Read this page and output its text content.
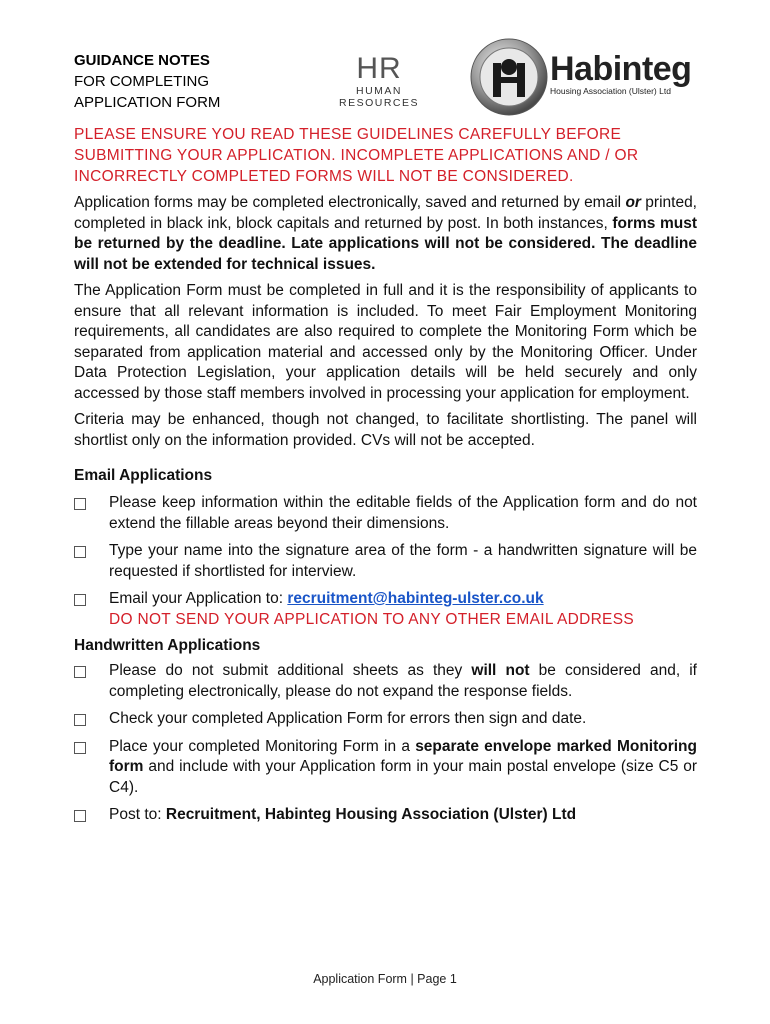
GUIDANCE NOTES
FOR COMPLETING
APPLICATION FORM
HR
HUMAN RESOURCES
Habinteg
Housing Association (Ulster) Ltd
PLEASE ENSURE YOU READ THESE GUIDELINES CAREFULLY BEFORE SUBMITTING YOUR APPLICATION. INCOMPLETE APPLICATIONS AND / OR INCORRECTLY COMPLETED FORMS WILL NOT BE CONSIDERED.

Application forms may be completed electronically, saved and returned by email or printed, completed in black ink, block capitals and returned by post. In both instances, forms must be returned by the deadline. Late applications will not be considered. The deadline will not be extended for technical issues.

The Application Form must be completed in full and it is the responsibility of applicants to ensure that all relevant information is included. To meet Fair Employment Monitoring requirements, all candidates are also required to complete the Monitoring Form which be separated from application material and accessed only by the Monitoring Officer. Under Data Protection Legislation, your application details will be held securely and only accessed by those staff members involved in processing your application for employment.

Criteria may be enhanced, though not changed, to facilitate shortlisting. The panel will shortlist only on the information provided. CVs will not be accepted.

Email Applications
Please keep information within the editable fields of the Application form and do not extend the fillable areas beyond their dimensions.
Type your name into the signature area of the form - a handwritten signature will be requested if shortlisted for interview.
Email your Application to: recruitment@habinteg-ulster.co.uk
DO NOT SEND YOUR APPLICATION TO ANY OTHER EMAIL ADDRESS
Handwritten Applications
Please do not submit additional sheets as they will not be considered and, if completing electronically, please do not expand the response fields.
Check your completed Application Form for errors then sign and date.
Place your completed Monitoring Form in a separate envelope marked Monitoring form and include with your Application form in your main postal envelope (size C5 or C4).
Post to: Recruitment, Habinteg Housing Association (Ulster) Ltd
Application Form | Page 1
